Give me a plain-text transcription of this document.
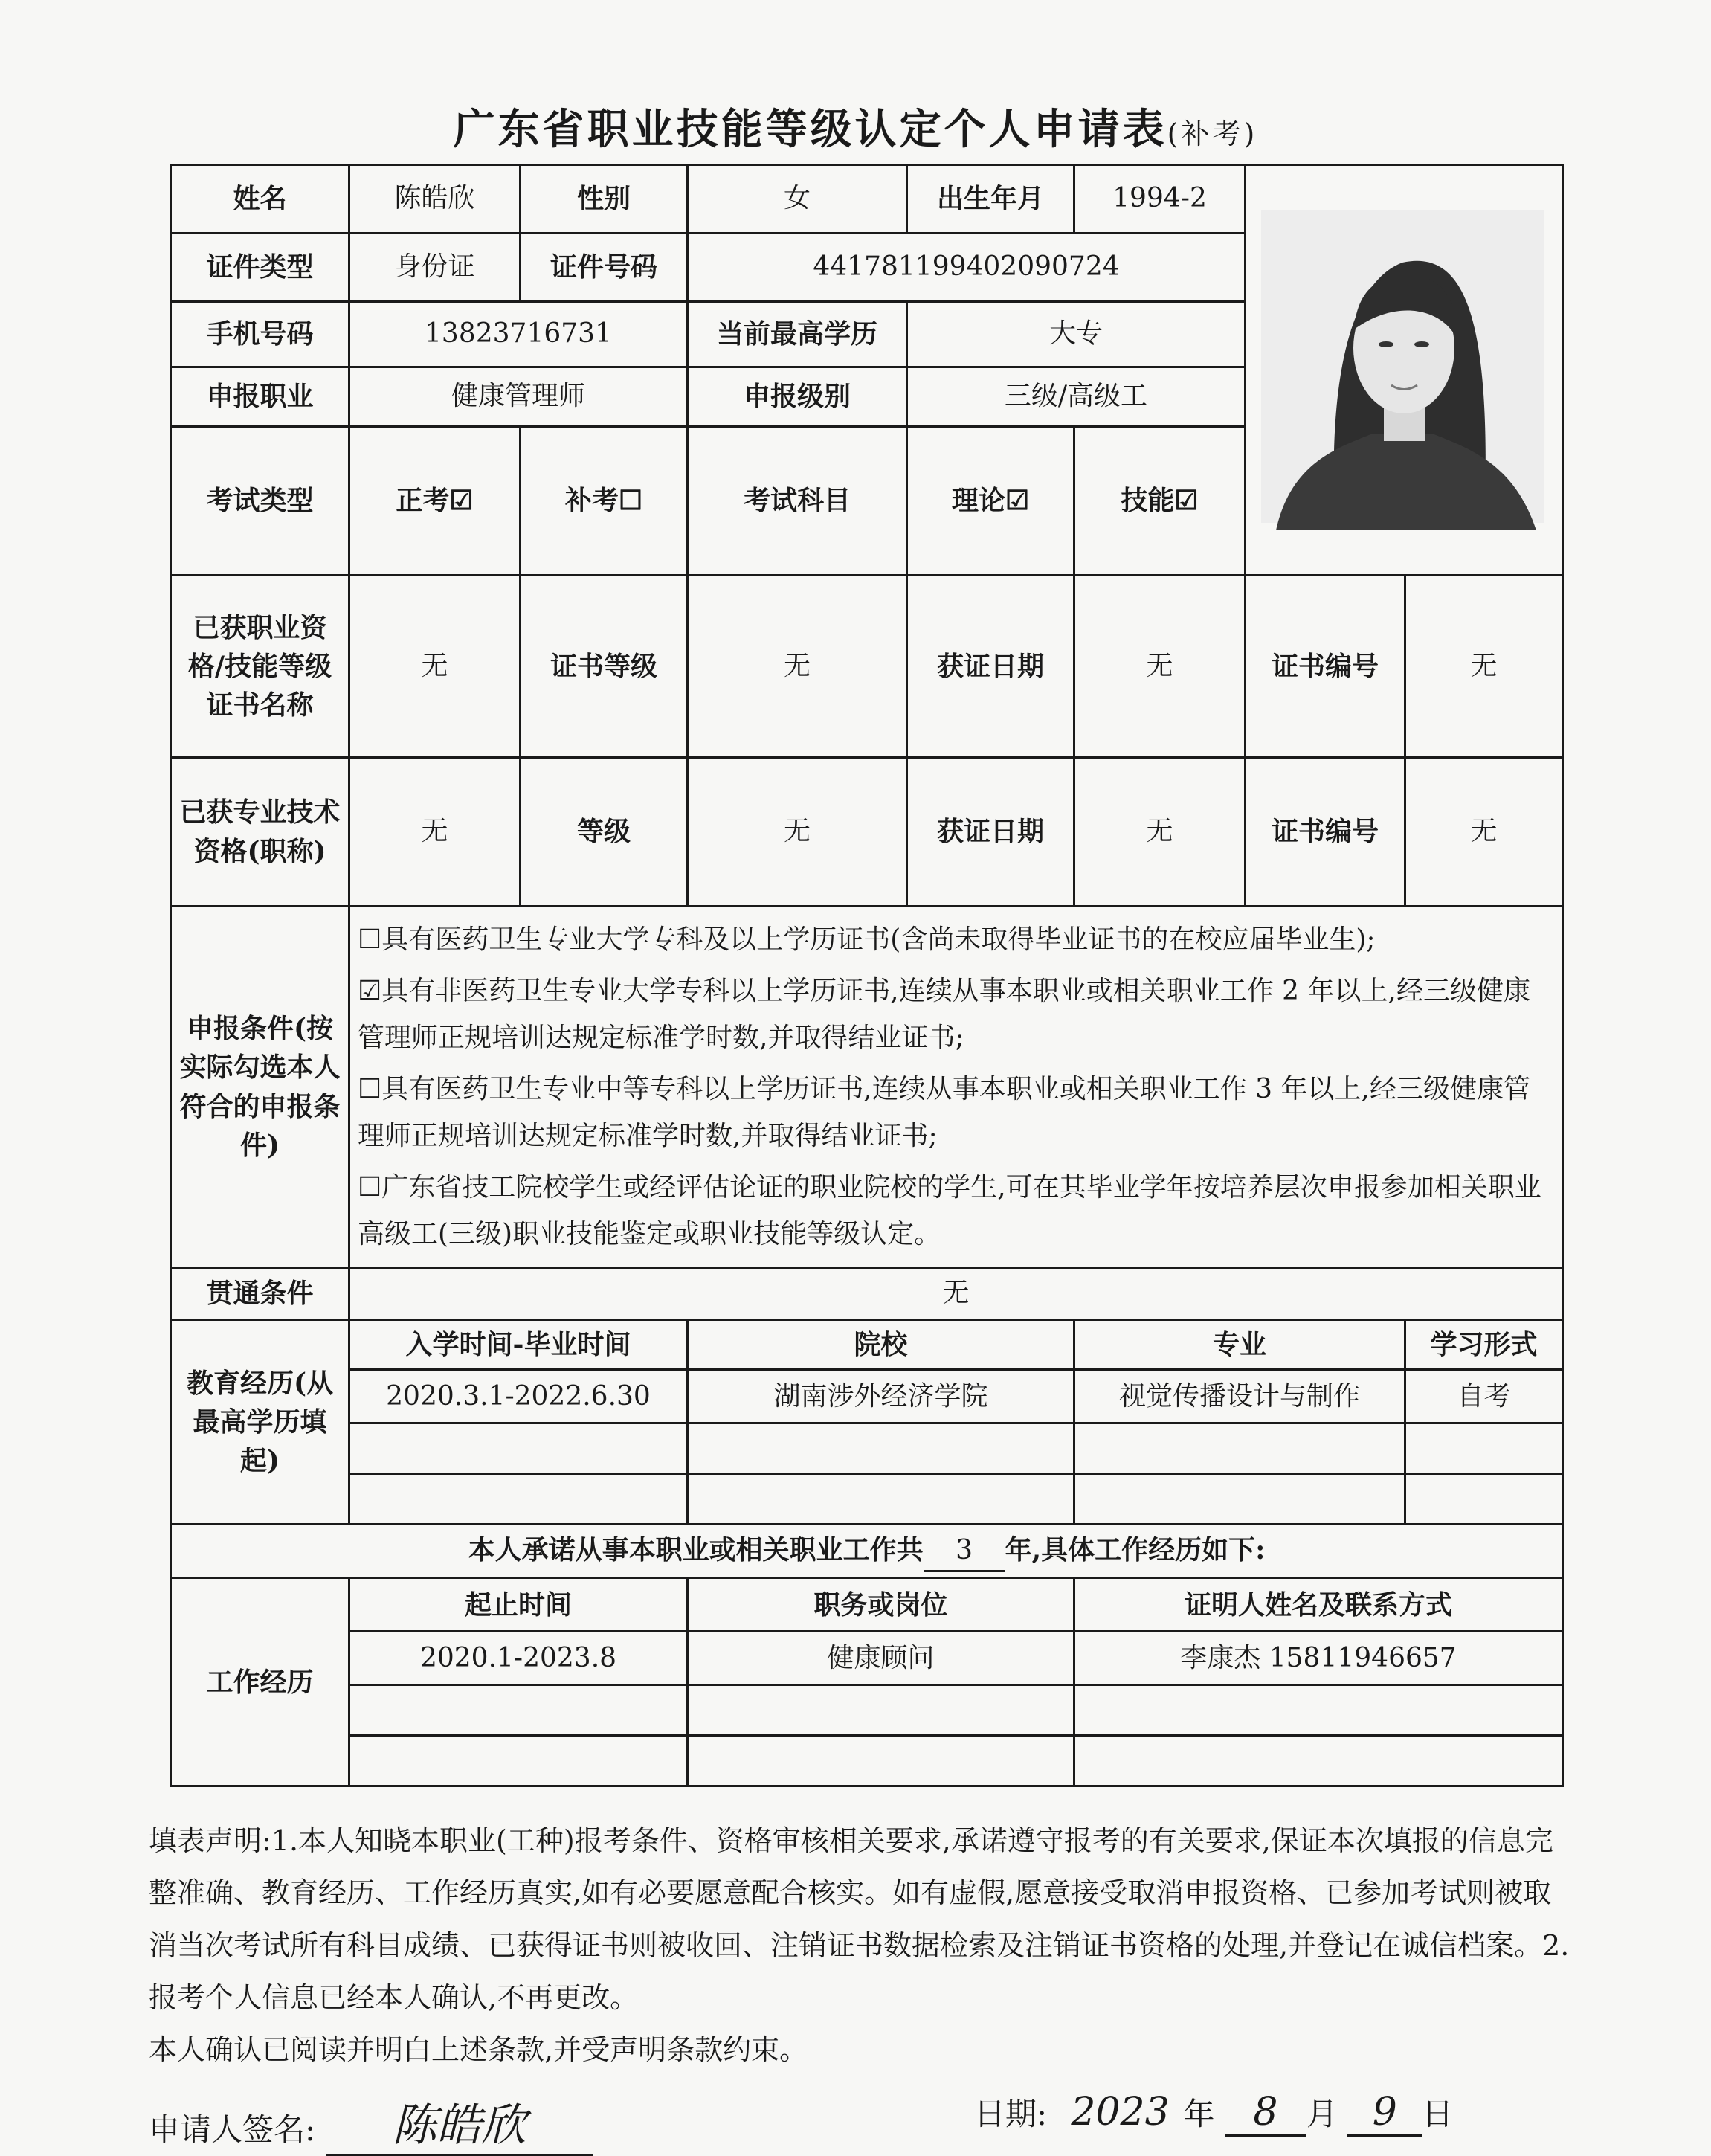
广东省职业技能等级认定个人申请表(补考)
姓名	陈皓欣	性别	女	出生年月	1994-2	

证件类型	身份证	证件号码	441781199402090724				
手机号码	13823716731		当前最高学历	大专			
申报职业	健康管理师		申报级别	三级/高级工			
考试类型	正考☑	补考☐	考试科目	理论☑	技能☑		
已获职业资格/技能等级证书名称	无	证书等级	无	获证日期	无	证书编号	无
已获专业技术资格(职称)	无	等级	无	获证日期	无	证书编号	无
申报条件(按实际勾选本人符合的申报条件)	☐具有医药卫生专业大学专科及以上学历证书(含尚未取得毕业证书的在校应届毕业生);

☑具有非医药卫生专业大学专科以上学历证书,连续从事本职业或相关职业工作 2 年以上,经三级健康管理师正规培训达规定标准学时数,并取得结业证书;

☐具有医药卫生专业中等专科以上学历证书,连续从事本职业或相关职业工作 3 年以上,经三级健康管理师正规培训达规定标准学时数,并取得结业证书;

☐广东省技工院校学生或经评估论证的职业院校的学生,可在其毕业学年按培养层次申报参加相关职业高级工(三级)职业技能鉴定或职业技能等级认定。						

贯通条件	无						
教育经历(从最高学历填起)	入学时间-毕业时间		院校		专业		学习形式
	2020.3.1-2022.6.30		湖南涉外经济学院		视觉传播设计与制作		自考

本人承诺从事本职业或相关职业工作共 3 年,具体工作经历如下:							
工作经历	起止时间		职务或岗位		证明人姓名及联系方式		
	2020.1-2023.8		健康顾问		李康杰 15811946657		

填表声明:1.本人知晓本职业(工种)报考条件、资格审核相关要求,承诺遵守报考的有关要求,保证本次填报的信息完整准确、教育经历、工作经历真实,如有必要愿意配合核实。如有虚假,愿意接受取消申报资格、已参加考试则被取消当次考试所有科目成绩、已获得证书则被收回、注销证书数据检索及注销证书资格的处理,并登记在诚信档案。2.报考个人信息已经本人确认,不再更改。

本人确认已阅读并明白上述条款,并受声明条款约束。

申请人签名: 陈皓欣	日期: 2023 年 8 月 9 日
